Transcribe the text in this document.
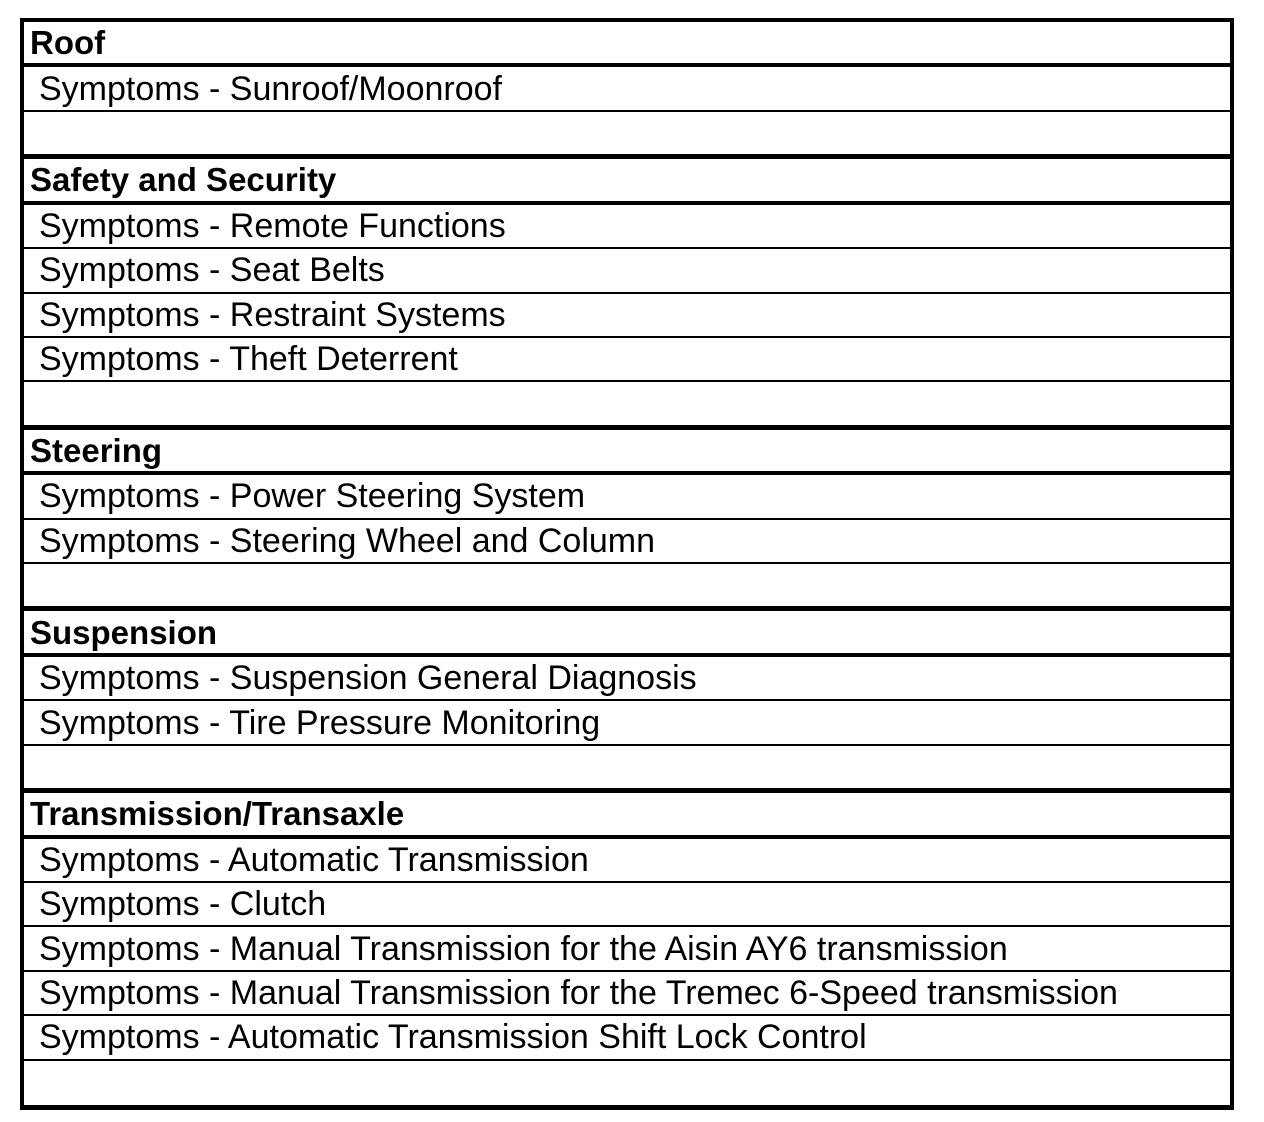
Roof
Symptoms - Sunroof/Moonroof
Safety and Security
Symptoms - Remote Functions
Symptoms - Seat Belts
Symptoms - Restraint Systems
Symptoms - Theft Deterrent
Steering
Symptoms - Power Steering System
Symptoms - Steering Wheel and Column
Suspension
Symptoms - Suspension General Diagnosis
Symptoms - Tire Pressure Monitoring
Transmission/Transaxle
Symptoms - Automatic Transmission
Symptoms - Clutch
Symptoms - Manual Transmission for the Aisin AY6 transmission
Symptoms - Manual Transmission for the Tremec 6-Speed transmission
Symptoms - Automatic Transmission Shift Lock Control
